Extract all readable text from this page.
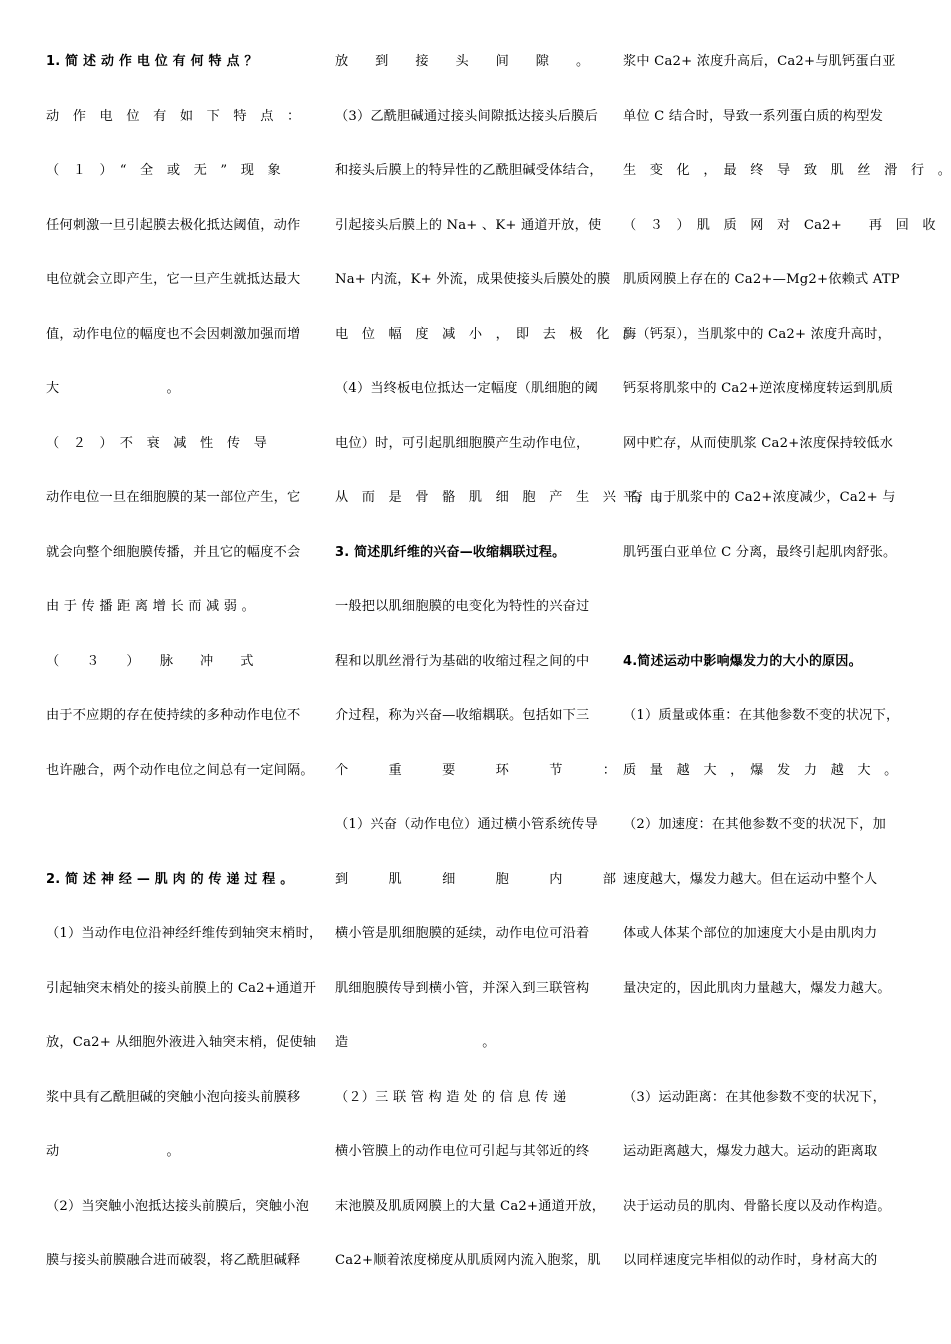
1. 简 述 动 作 电 位 有 何 特 点 ？
动　作　电　位　有　如　下　特　点　：
（　１　）　“　全　或　无　”　现　象
任何刺激一旦引起膜去极化抵达阈值，动作
电位就会立即产生，它一旦产生就抵达最大
值，动作电位的幅度也不会因刺激加强而增
大　　　　　　　　。
（　２　）　不　衰　减　性　传　导
动作电位一旦在细胞膜的某一部位产生，它
就会向整个细胞膜传播，并且它的幅度不会
由 于 传 播 距 离 增 长 而 减 弱 。
（　　３　　）　　脉　　冲　　式
由于不应期的存在使持续的多种动作电位不
也许融合，两个动作电位之间总有一定间隔。
2. 简 述 神 经 — 肌 肉 的 传 递 过 程 。
（1）当动作电位沿神经纤维传到轴突末梢时，
引起轴突末梢处的接头前膜上的 Ca2+通道开
放，Ca2+ 从细胞外液进入轴突末梢，促使轴
浆中具有乙酰胆碱的突触小泡向接头前膜移
动　　　　　　　　。
（2）当突触小泡抵达接头前膜后，突触小泡
膜与接头前膜融合进而破裂，将乙酰胆碱释
放　　到　　接　　头　　间　　隙　　。
（3）乙酰胆碱通过接头间隙抵达接头后膜后
和接头后膜上的特异性的乙酰胆碱受体结合，
引起接头后膜上的 Na+ 、K+ 通道开放，使
Na+ 内流，K+ 外流，成果使接头后膜处的膜
电　位　幅　度　减　小　，　即　去　极　化　。
（4）当终板电位抵达一定幅度（肌细胞的阈
电位）时，可引起肌细胞膜产生动作电位，
从　而　是　骨　骼　肌　细　胞　产　生　兴　奋　。
3. 简述肌纤维的兴奋—收缩耦联过程。
一般把以肌细胞膜的电变化为特性的兴奋过
程和以肌丝滑行为基础的收缩过程之间的中
介过程，称为兴奋—收缩耦联。包括如下三
个　　　重　　　要　　　环　　　节　　　：
（1）兴奋（动作电位）通过横小管系统传导
到　　　肌　　　细　　　胞　　　内　　　部
横小管是肌细胞膜的延续，动作电位可沿着
肌细胞膜传导到横小管，并深入到三联管构
造　　　　　　　　　　。
（２）三 联 管 构 造 处 的 信 息 传 递
横小管膜上的动作电位可引起与其邻近的终
末池膜及肌质网膜上的大量 Ca2+通道开放，
Ca2+顺着浓度梯度从肌质网内流入胞浆，肌
浆中 Ca2+ 浓度升高后，Ca2+与肌钙蛋白亚
单位 C 结合时，导致一系列蛋白质的构型发
生　变　化　，　最　终　导　致　肌　丝　滑　行　。
（　３　）　肌　质　网　对　Ca2+　　再　回　收
肌质网膜上存在的 Ca2+—Mg2+依赖式 ATP
酶（钙泵），当肌浆中的 Ca2+ 浓度升高时，
钙泵将肌浆中的 Ca2+逆浓度梯度转运到肌质
网中贮存，从而使肌浆 Ca2+浓度保持较低水
平，由于肌浆中的 Ca2+浓度减少，Ca2+ 与
肌钙蛋白亚单位 C 分离，最终引起肌肉舒张。
4.简述运动中影响爆发力的大小的原因。
（1）质量或体重：在其他参数不变的状况下，
质　量　越　大　，　爆　发　力　越　大　。
（2）加速度：在其他参数不变的状况下，加
速度越大，爆发力越大。但在运动中整个人
体或人体某个部位的加速度大小是由肌肉力
量决定的，因此肌肉力量越大，爆发力越大。
（3）运动距离：在其他参数不变的状况下，
运动距离越大，爆发力越大。运动的距离取
决于运动员的肌肉、骨骼长度以及动作构造。
以同样速度完毕相似的动作时，身材高大的
